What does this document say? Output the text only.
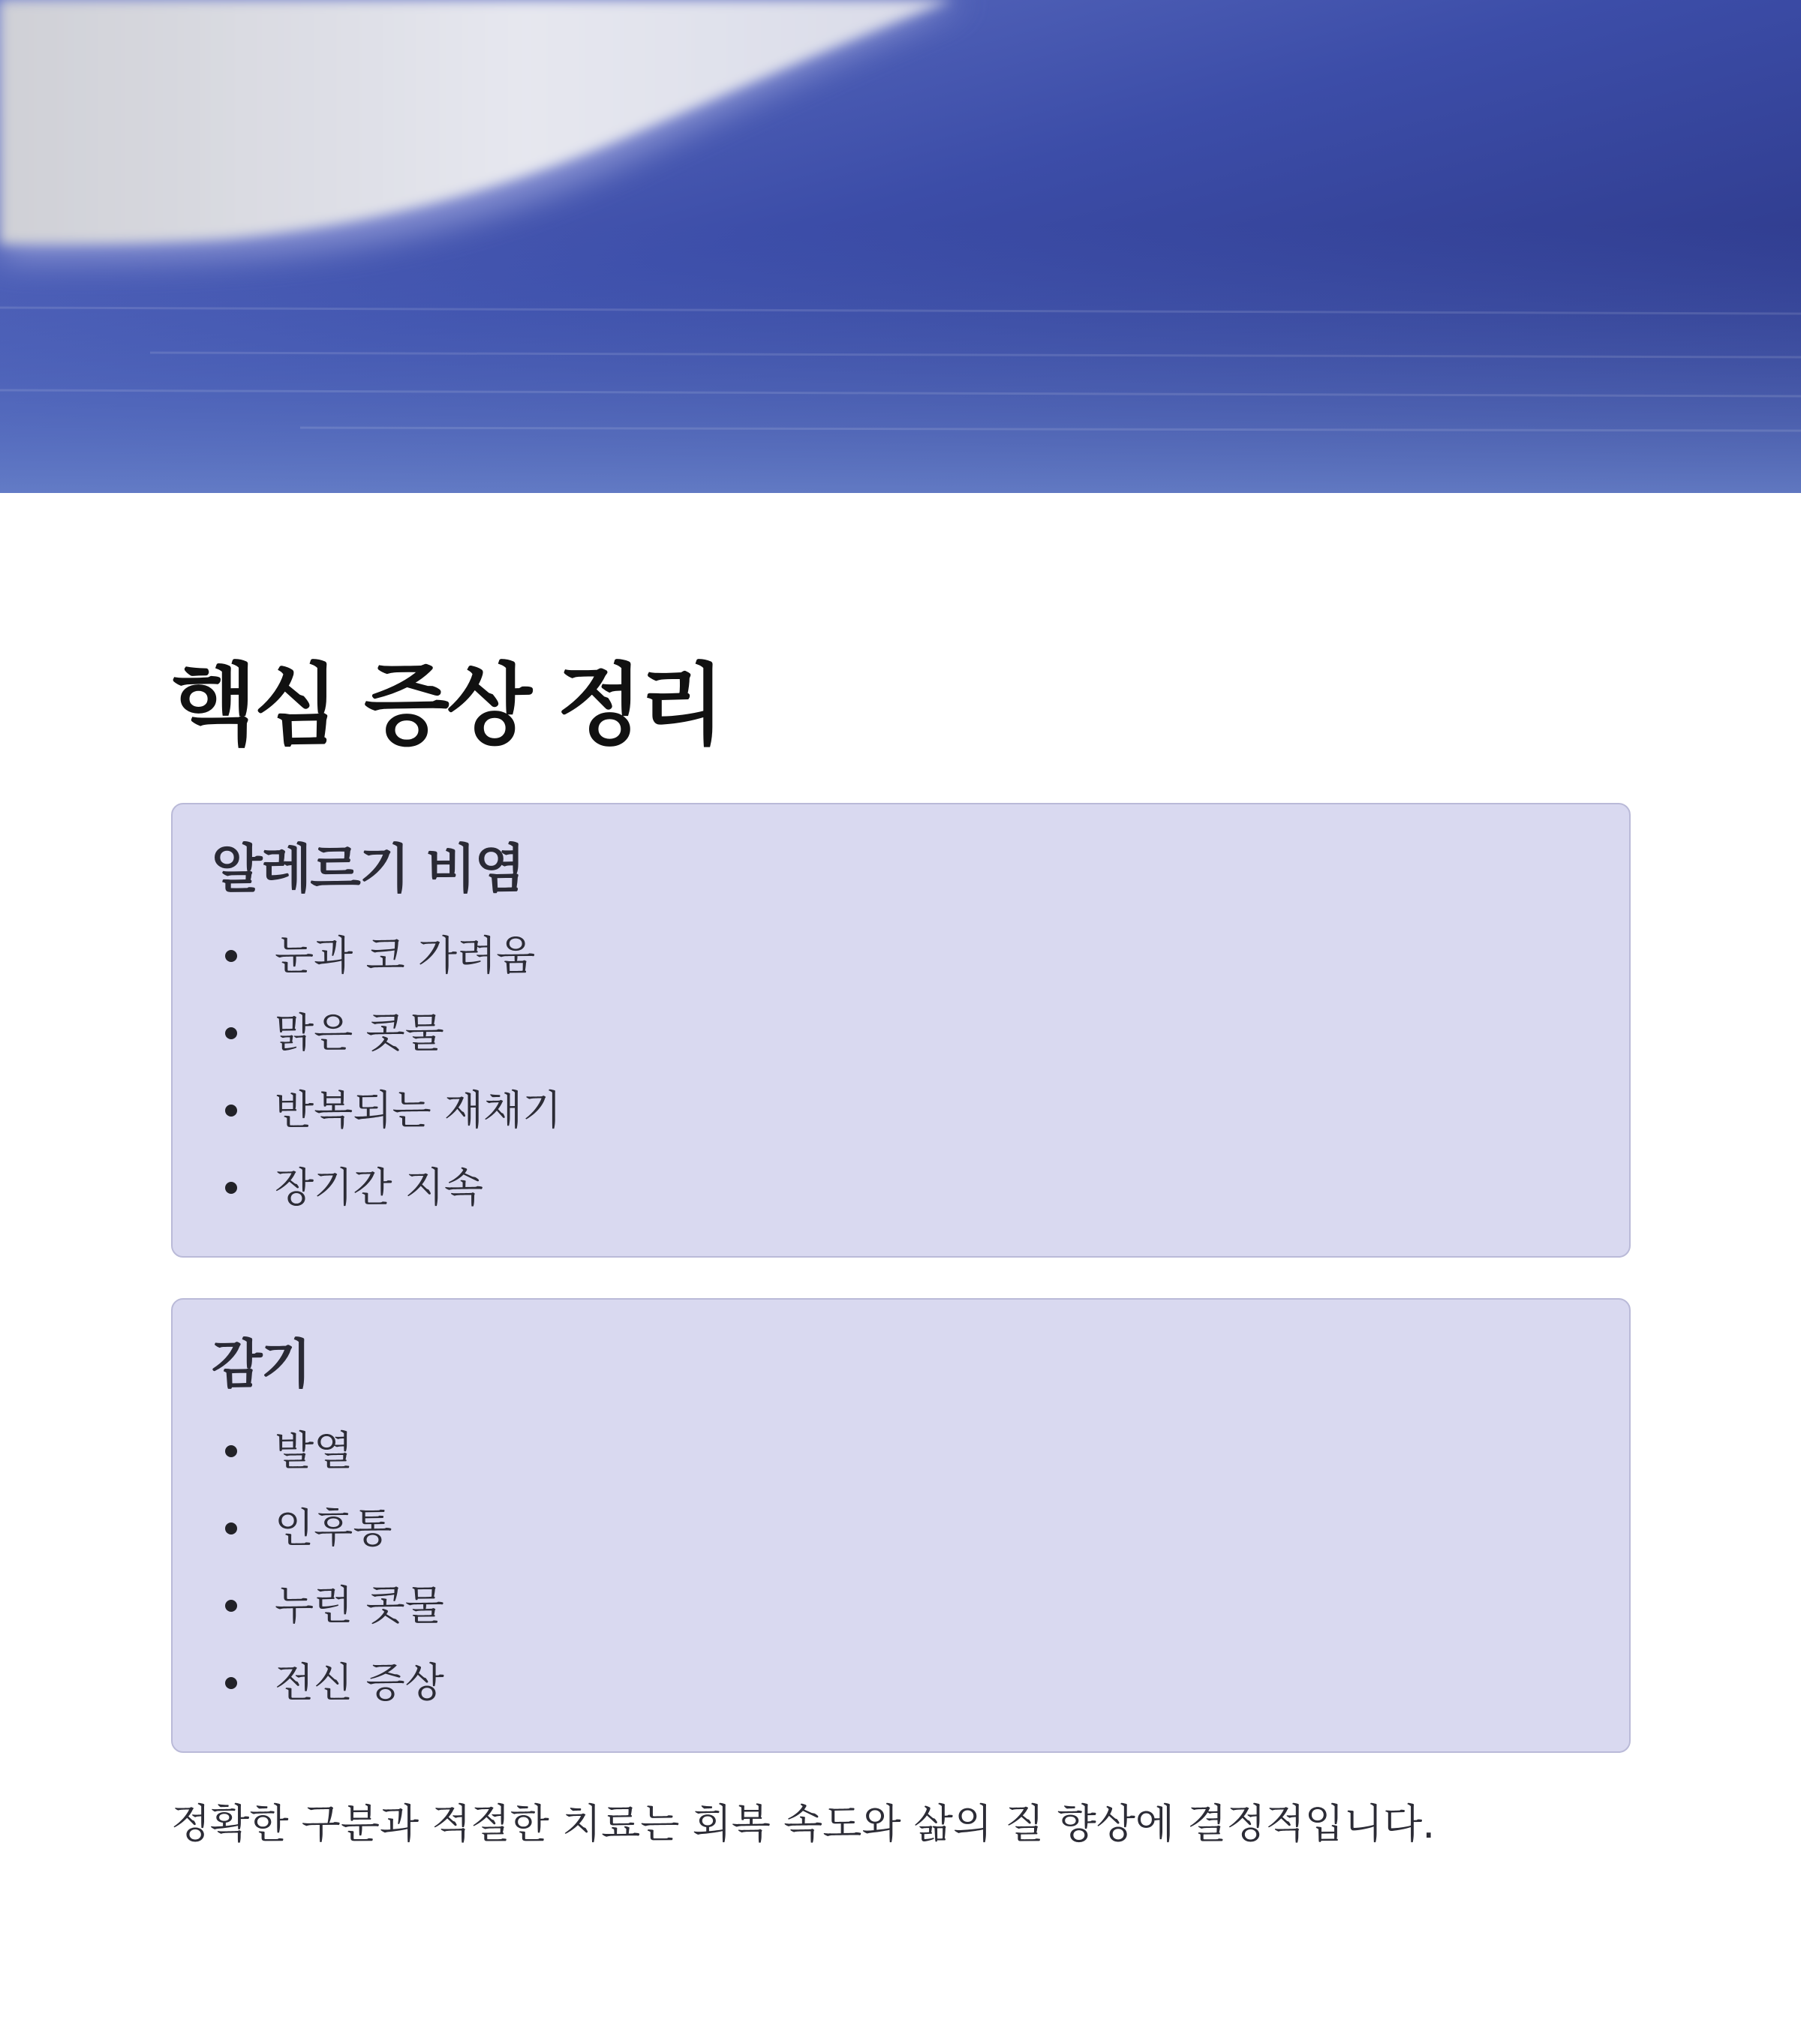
핵심 증상 정리
알레르기 비염
눈과 코 가려움
맑은 콧물
반복되는 재채기
장기간 지속
감기
발열
인후통
누런 콧물
전신 증상

정확한 구분과 적절한 치료는 회복 속도와 삶의 질 향상에 결정적입니다.
